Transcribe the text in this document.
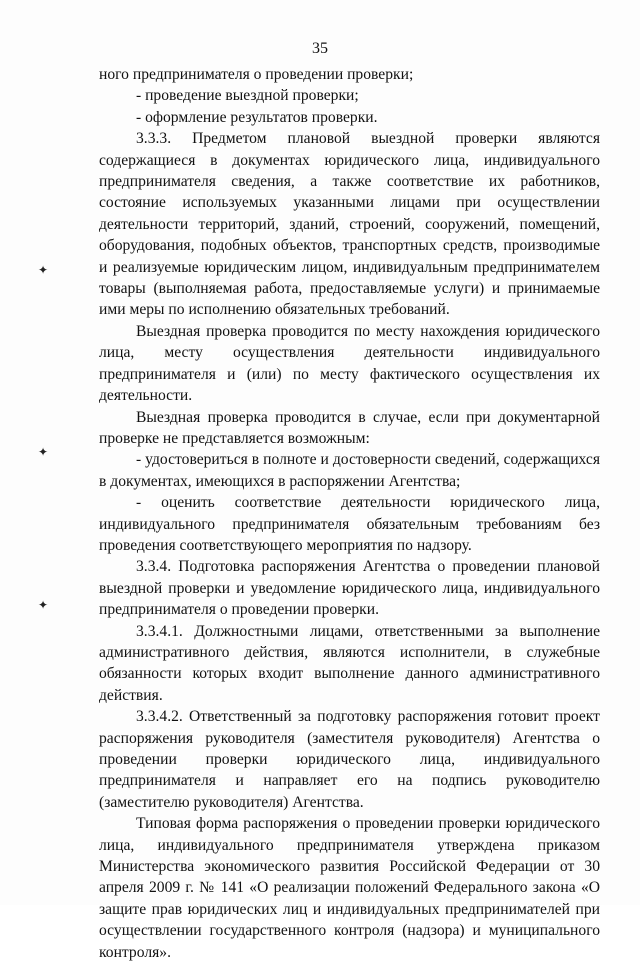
35
✦
✦
✦

ного предпринимателя о проведении проверки;

- проведение выездной проверки;

- оформление результатов проверки.

3.3.3. Предметом плановой выездной проверки являются содержащиеся в документах юридического лица, индивидуального предпринимателя сведения, а также соответствие их работников, состояние используемых указанными лицами при осуществлении деятельности территорий, зданий, строений, сооружений, помещений, оборудования, подобных объектов, транспортных средств, производимые и реализуемые юридическим лицом, индивидуальным предпринимателем товары (выполняемая работа, предоставляемые услуги) и принимаемые ими меры по исполнению обязательных требований.

Выездная проверка проводится по месту нахождения юридического лица, месту осуществления деятельности индивидуального предпринимателя и (или) по месту фактического осуществления их деятельности.

Выездная проверка проводится в случае, если при документарной проверке не представляется возможным:

- удостовериться в полноте и достоверности сведений, содержащихся в документах, имеющихся в распоряжении Агентства;

- оценить соответствие деятельности юридического лица, индивидуального предпринимателя обязательным требованиям без проведения соответствующего мероприятия по надзору.

3.3.4. Подготовка распоряжения Агентства о проведении плановой выездной проверки и уведомление юридического лица, индивидуального предпринимателя о проведении проверки.

3.3.4.1. Должностными лицами, ответственными за выполнение административного действия, являются исполнители, в служебные обязанности которых входит выполнение данного административного действия.

3.3.4.2. Ответственный за подготовку распоряжения готовит проект распоряжения руководителя (заместителя руководителя) Агентства о проведении проверки юридического лица, индивидуального предпринимателя и направляет его на подпись руководителю (заместителю руководителя) Агентства.

Типовая форма распоряжения о проведении проверки юридического лица, индивидуального предпринимателя утверждена приказом Министерства экономического развития Российской Федерации от 30 апреля 2009 г. № 141 «О реализации положений Федерального закона «О защите прав юридических лиц и индивидуальных предпринимателей при осуществлении государственного контроля (надзора) и муниципального контроля».
